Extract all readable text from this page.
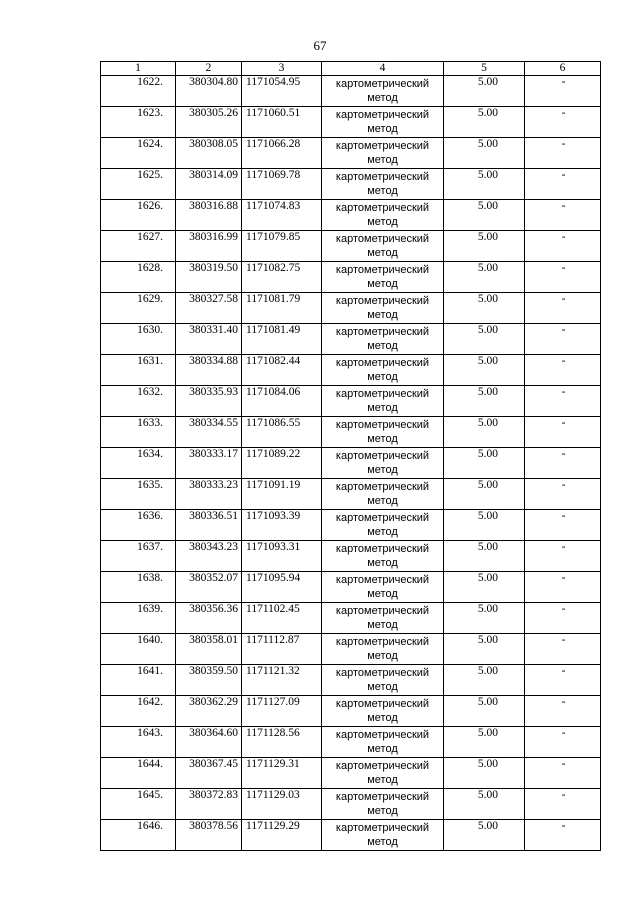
67
1	2	3	4	5	6
1622.	380304.80	1171054.95	картометрический метод	5.00	-
1623.	380305.26	1171060.51	картометрический метод	5.00	-
1624.	380308.05	1171066.28	картометрический метод	5.00	-
1625.	380314.09	1171069.78	картометрический метод	5.00	-
1626.	380316.88	1171074.83	картометрический метод	5.00	-
1627.	380316.99	1171079.85	картометрический метод	5.00	-
1628.	380319.50	1171082.75	картометрический метод	5.00	-
1629.	380327.58	1171081.79	картометрический метод	5.00	-
1630.	380331.40	1171081.49	картометрический метод	5.00	-
1631.	380334.88	1171082.44	картометрический метод	5.00	-
1632.	380335.93	1171084.06	картометрический метод	5.00	-
1633.	380334.55	1171086.55	картометрический метод	5.00	-
1634.	380333.17	1171089.22	картометрический метод	5.00	-
1635.	380333.23	1171091.19	картометрический метод	5.00	-
1636.	380336.51	1171093.39	картометрический метод	5.00	-
1637.	380343.23	1171093.31	картометрический метод	5.00	-
1638.	380352.07	1171095.94	картометрический метод	5.00	-
1639.	380356.36	1171102.45	картометрический метод	5.00	-
1640.	380358.01	1171112.87	картометрический метод	5.00	-
1641.	380359.50	1171121.32	картометрический метод	5.00	-
1642.	380362.29	1171127.09	картометрический метод	5.00	-
1643.	380364.60	1171128.56	картометрический метод	5.00	-
1644.	380367.45	1171129.31	картометрический метод	5.00	-
1645.	380372.83	1171129.03	картометрический метод	5.00	-
1646.	380378.56	1171129.29	картометрический метод	5.00	-
